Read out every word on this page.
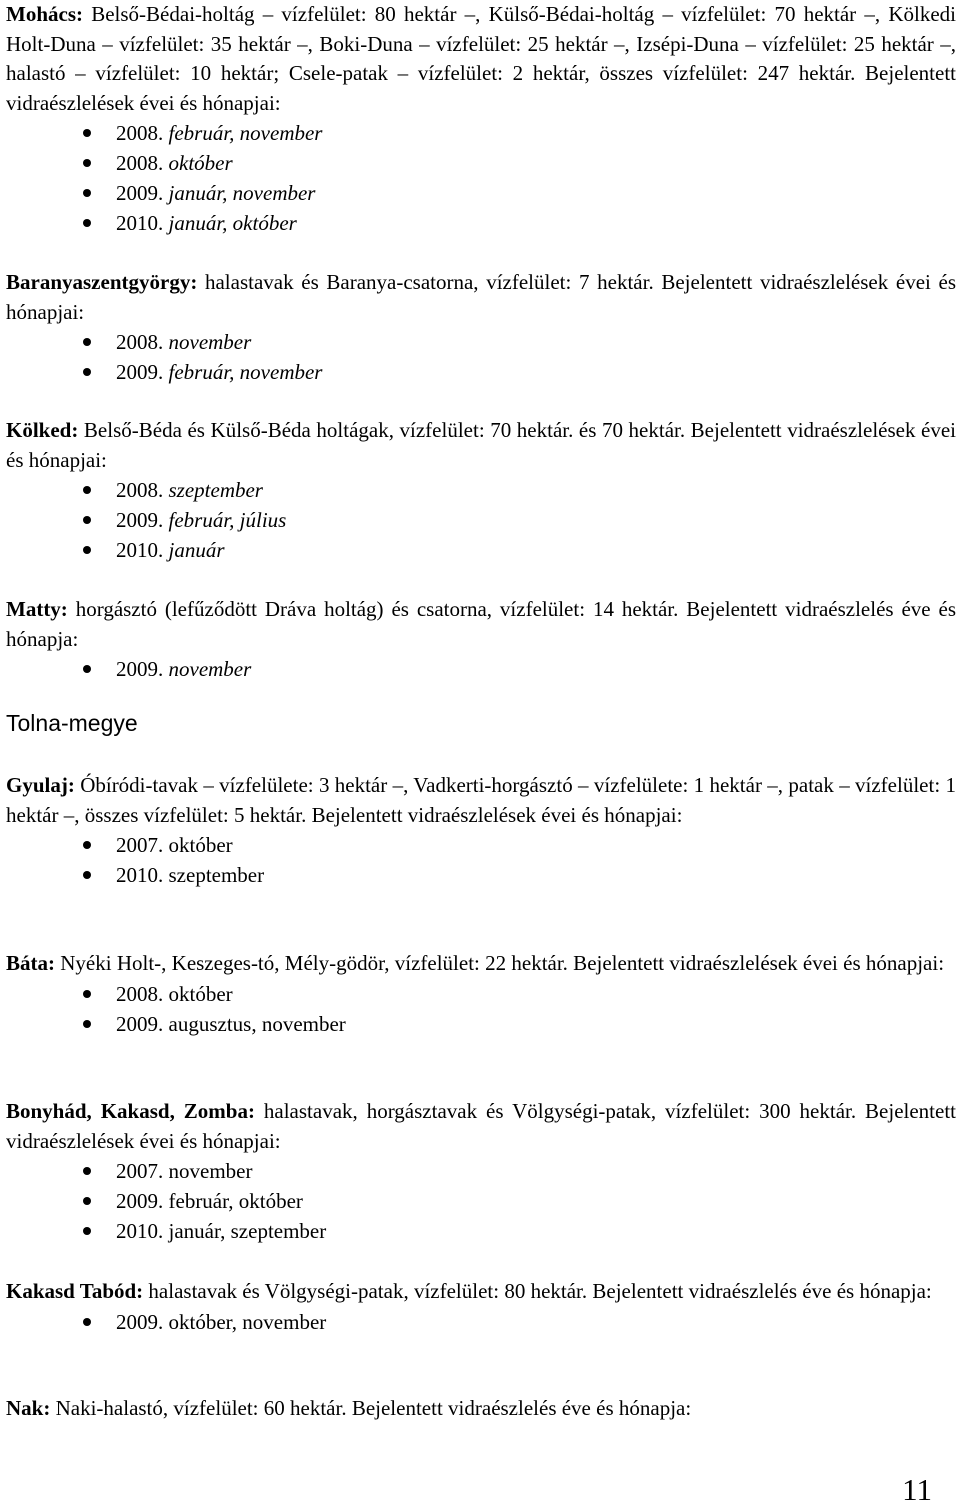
Mohács: Belső-Bédai-holtág – vízfelület: 80 hektár –, Külső-Bédai-holtág – vízfelület: 70 hektár –, Kölkedi Holt-Duna – vízfelület: 35 hektár –, Boki-Duna – vízfelület: 25 hektár –, Izsépi-Duna – vízfelület: 25 hektár –, halastó – vízfelület: 10 hektár; Csele-patak – vízfelület: 2 hektár, összes vízfelület: 247 hektár. Bejelentett vidraészlelések évei és hónapjai:

2008. február, november
2008. október
2009. január, november
2010. január, október

Baranyaszentgyörgy: halastavak és Baranya-csatorna, vízfelület: 7 hektár. Bejelentett vidraészlelések évei és hónapjai:

2008. november
2009. február, november

Kölked: Belső-Béda és Külső-Béda holtágak, vízfelület: 70 hektár. és 70 hektár. Bejelentett vidraészlelések évei és hónapjai:

2008. szeptember
2009. február, július
2010. január

Matty: horgásztó (lefűződött Dráva holtág) és csatorna, vízfelület: 14 hektár. Bejelentett vidraészlelés éve és hónapja:

2009. november
Tolna-megye

Gyulaj: Óbíródi-tavak – vízfelülete: 3 hektár –, Vadkerti-horgásztó – vízfelülete: 1 hektár –, patak – vízfelület: 1 hektár –, összes vízfelület: 5 hektár. Bejelentett vidraészlelések évei és hónapjai:

2007. október
2010. szeptember

Báta: Nyéki Holt-, Keszeges-tó, Mély-gödör, vízfelület: 22 hektár. Bejelentett vidraészlelések évei és hónapjai:

2008. október
2009. augusztus, november

Bonyhád, Kakasd, Zomba: halastavak, horgásztavak és Völgységi-patak, vízfelület: 300 hektár. Bejelentett vidraészlelések évei és hónapjai:

2007. november
2009. február, október
2010. január, szeptember

Kakasd Tabód: halastavak és Völgységi-patak, vízfelület: 80 hektár. Bejelentett vidraészlelés éve és hónapja:

2009. október, november

Nak: Naki-halastó, vízfelület: 60 hektár. Bejelentett vidraészlelés éve és hónapja:

11
